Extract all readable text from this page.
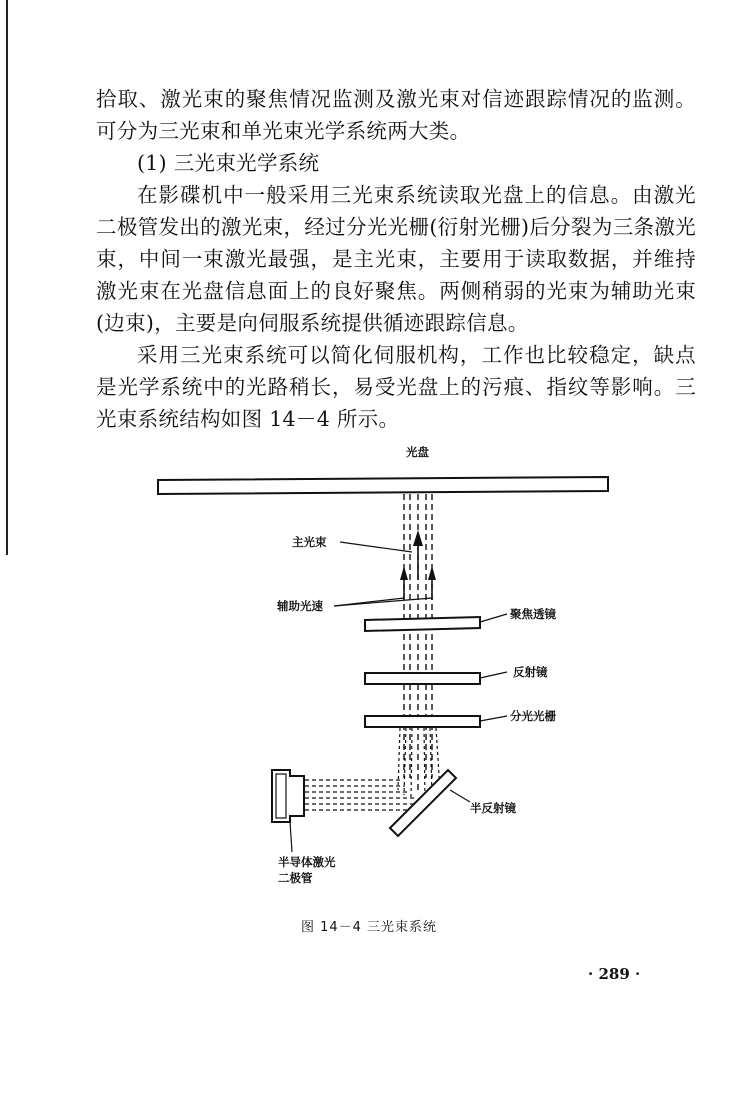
拾取、激光束的聚焦情况监测及激光束对信迹跟踪情况的监测。可分为三光束和单光束光学系统两大类。

(1) 三光束光学系统

在影碟机中一般采用三光束系统读取光盘上的信息。由激光二极管发出的激光束，经过分光光栅(衍射光栅)后分裂为三条激光束，中间一束激光最强，是主光束，主要用于读取数据，并维持激光束在光盘信息面上的良好聚焦。两侧稍弱的光束为辅助光束(边束)，主要是向伺服系统提供循迹跟踪信息。

采用三光束系统可以简化伺服机构，工作也比较稳定，缺点是光学系统中的光路稍长，易受光盘上的污痕、指纹等影响。三光束系统结构如图 14－4 所示。

光盘
主光束
辅助光速
聚焦透镜
反射镜
分光光栅
半反射镜
半导体激光
二极管
图 14－4 三光束系统
· 289 ·
